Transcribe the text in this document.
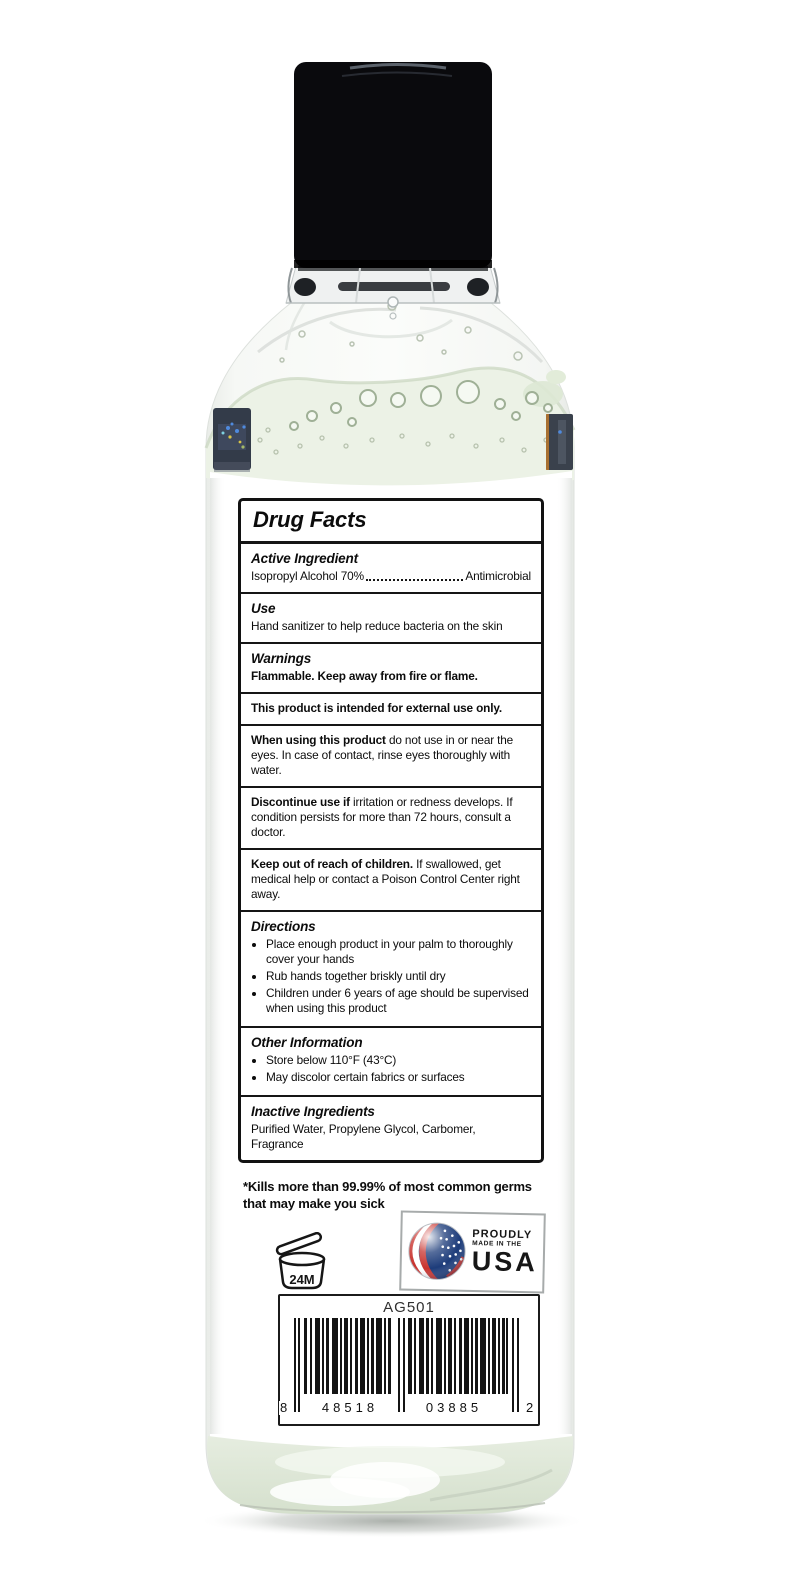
Drug Facts
Active Ingredient
Isopropyl Alcohol 70%	Antimicrobial
Use
Hand sanitizer to help reduce bacteria on the skin
Warnings
Flammable. Keep away from fire or flame.
This product is intended for external use only.
When using this product do not use in or near the eyes. In case of contact, rinse eyes thoroughly with water.
Discontinue use if irritation or redness develops. If condition persists for more than 72 hours, consult a doctor.
Keep out of reach of children. If swallowed, get medical help or contact a Poison Control Center right away.
Directions
• Place enough product in your palm to thoroughly cover your hands
• Rub hands together briskly until dry
• Children under 6 years of age should be supervised when using this product
Other Information
• Store below 110°F (43°C)
• May discolor certain fabrics or surfaces
Inactive Ingredients
Purified Water, Propylene Glycol, Carbomer, Fragrance
*Kills more than 99.99% of most common germs that may make you sick
24M
PROUDLY
MADE IN THE
USA
AG501
8	48518	03885	2
